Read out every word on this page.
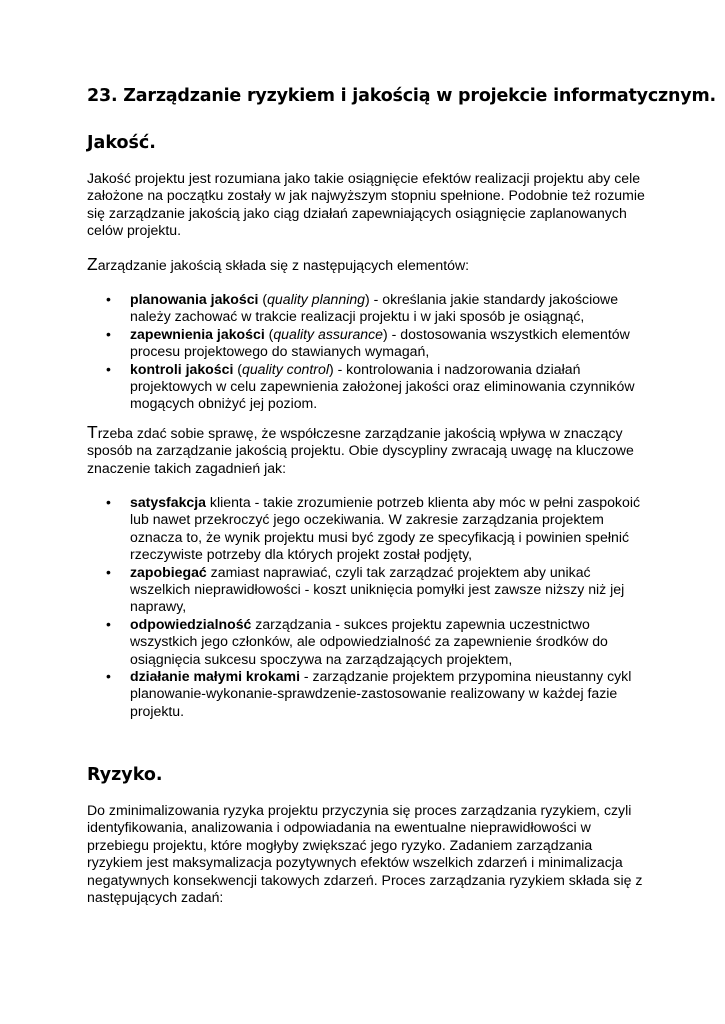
23. Zarządzanie ryzykiem i jakością w projekcie informatycznym.
Jakość.

Jakość projektu jest rozumiana jako takie osiągnięcie efektów realizacji projektu aby cele założone na początku zostały w jak najwyższym stopniu spełnione. Podobnie też rozumie się zarządzanie jakością jako ciąg działań zapewniających osiągnięcie zaplanowanych celów projektu.

Zarządzanie jakością składa się z następujących elementów:

• planowania jakości (quality planning) - określania jakie standardy jakościowe należy zachować w trakcie realizacji projektu i w jaki sposób je osiągnąć,
• zapewnienia jakości (quality assurance) - dostosowania wszystkich elementów procesu projektowego do stawianych wymagań,
• kontroli jakości (quality control) - kontrolowania i nadzorowania działań projektowych w celu zapewnienia założonej jakości oraz eliminowania czynników mogących obniżyć jej poziom.

Trzeba zdać sobie sprawę, że współczesne zarządzanie jakością wpływa w znaczący sposób na zarządzanie jakością projektu. Obie dyscypliny zwracają uwagę na kluczowe znaczenie takich zagadnień jak:

• satysfakcja klienta - takie zrozumienie potrzeb klienta aby móc w pełni zaspokoić lub nawet przekroczyć jego oczekiwania. W zakresie zarządzania projektem oznacza to, że wynik projektu musi być zgody ze specyfikacją i powinien spełnić rzeczywiste potrzeby dla których projekt został podjęty,
• zapobiegać zamiast naprawiać, czyli tak zarządzać projektem aby unikać wszelkich nieprawidłowości - koszt uniknięcia pomyłki jest zawsze niższy niż jej naprawy,
• odpowiedzialność zarządzania - sukces projektu zapewnia uczestnictwo wszystkich jego członków, ale odpowiedzialność za zapewnienie środków do osiągnięcia sukcesu spoczywa na zarządzających projektem,
• działanie małymi krokami - zarządzanie projektem przypomina nieustanny cykl planowanie-wykonanie-sprawdzenie-zastosowanie realizowany w każdej fazie projektu.
Ryzyko.

Do zminimalizowania ryzyka projektu przyczynia się proces zarządzania ryzykiem, czyli identyfikowania, analizowania i odpowiadania na ewentualne nieprawidłowości w przebiegu projektu, które mogłyby zwiększać jego ryzyko. Zadaniem zarządzania ryzykiem jest maksymalizacja pozytywnych efektów wszelkich zdarzeń i minimalizacja negatywnych konsekwencji takowych zdarzeń. Proces zarządzania ryzykiem składa się z następujących zadań:
